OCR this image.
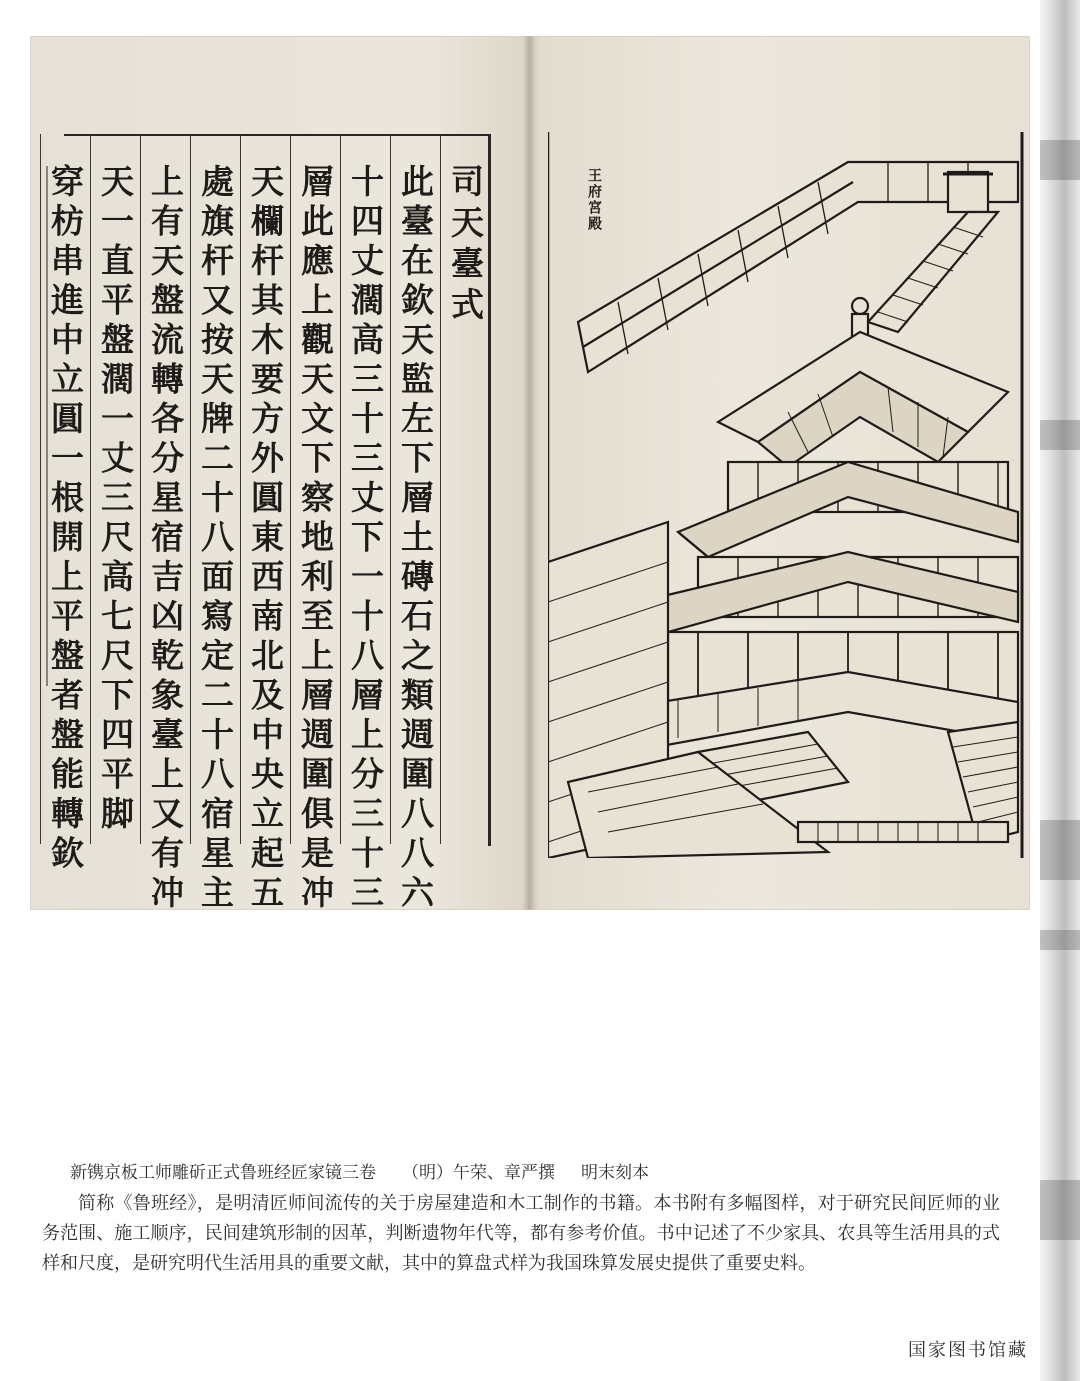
司天臺式
此臺在欽天監左下層土磚石之類週圍八八六
十四丈濶高三十三丈下一十八層上分三十三
層此應上觀天文下察地利至上層週圍俱是冲
天欄杆其木要方外圓東西南北及中央立起五
處旗杆又按天牌二十八面寫定二十八宿星主
上有天盤流轉各分星宿吉凶乾象臺上又有冲
天一直平盤濶一丈三尺高七尺下四平脚
穿枋串進中立圓一根開上平盤者盤能轉欽	王府宮殿

新镌京板工师雕斫正式鲁班经匠家镜三卷 （明）午荣、章严撰 明末刻本

简称《鲁班经》，是明清匠师间流传的关于房屋建造和木工制作的书籍。本书附有多幅图样，对于研究民间匠师的业务范围、施工顺序，民间建筑形制的因革，判断遗物年代等，都有参考价值。书中记述了不少家具、农具等生活用具的式样和尺度，是研究明代生活用具的重要文献，其中的算盘式样为我国珠算发展史提供了重要史料。

国家图书馆藏
